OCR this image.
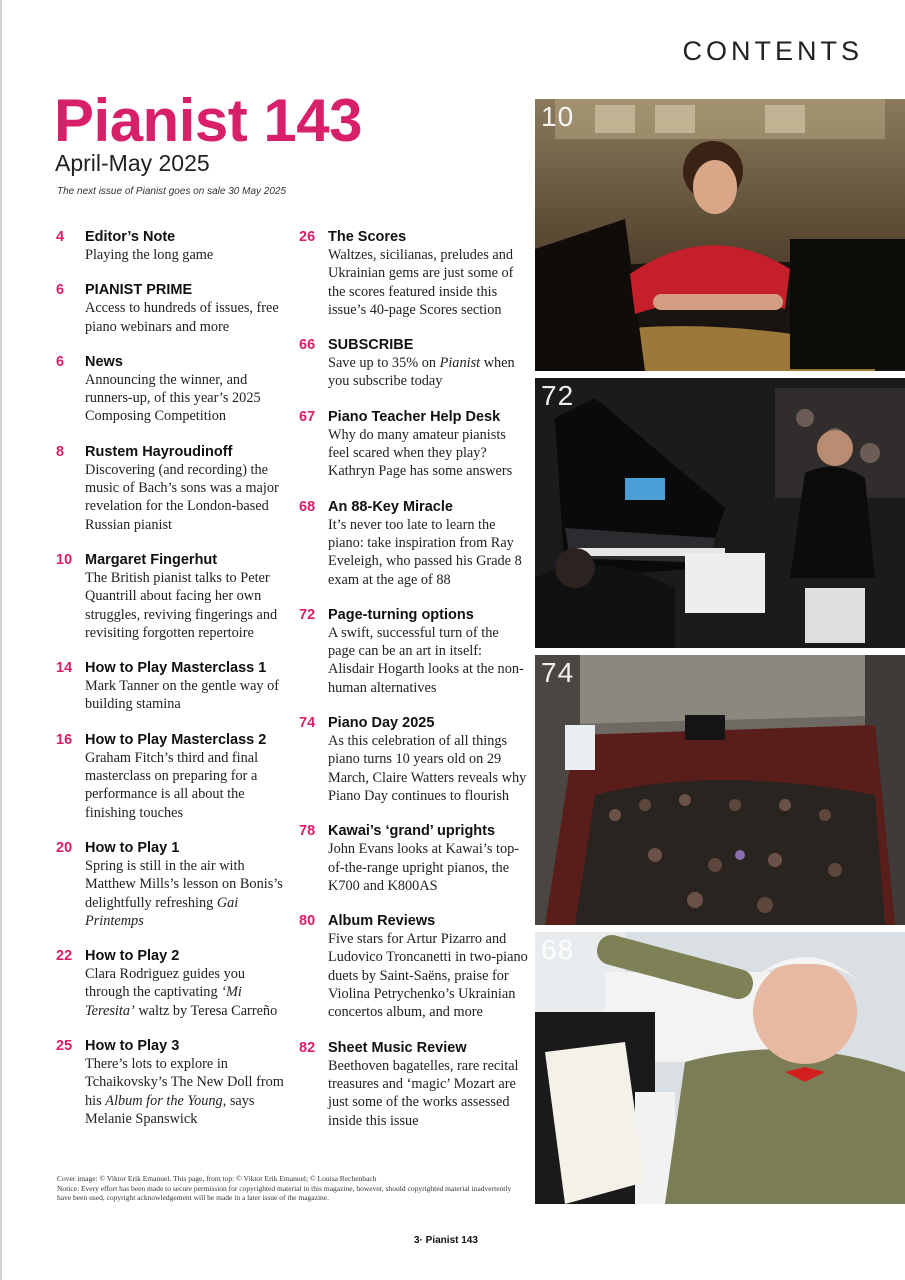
CONTENTS
Pianist 143
April-May 2025
The next issue of Pianist goes on sale 30 May 2025
4 Editor’s Note
Playing the long game
6 PIANIST PRIME
Access to hundreds of issues, free piano webinars and more
6 News
Announcing the winner, and runners-up, of this year’s 2025 Composing Competition
8 Rustem Hayroudinoff
Discovering (and recording) the music of Bach’s sons was a major revelation for the London-based Russian pianist
10 Margaret Fingerhut
The British pianist talks to Peter Quantrill about facing her own struggles, reviving fingerings and revisiting forgotten repertoire
14 How to Play Masterclass 1
Mark Tanner on the gentle way of building stamina
16 How to Play Masterclass 2
Graham Fitch’s third and final masterclass on preparing for a performance is all about the finishing touches
20 How to Play 1
Spring is still in the air with Matthew Mills’s lesson on Bonis’s delightfully refreshing Gai Printemps
22 How to Play 2
Clara Rodriguez guides you through the captivating ‘Mi Teresita’ waltz by Teresa Carreño
25 How to Play 3
There’s lots to explore in Tchaikovsky’s The New Doll from his Album for the Young, says Melanie Spanswick
26 The Scores
Waltzes, sicilianas, preludes and Ukrainian gems are just some of the scores featured inside this issue’s 40-page Scores section
66 SUBSCRIBE
Save up to 35% on Pianist when you subscribe today
67 Piano Teacher Help Desk
Why do many amateur pianists feel scared when they play? Kathryn Page has some answers
68 An 88-Key Miracle
It’s never too late to learn the piano: take inspiration from Ray Eveleigh, who passed his Grade 8 exam at the age of 88
72 Page-turning options
A swift, successful turn of the page can be an art in itself: Alisdair Hogarth looks at the non-human alternatives
74 Piano Day 2025
As this celebration of all things piano turns 10 years old on 29 March, Claire Watters reveals why Piano Day continues to flourish
78 Kawai’s ‘grand’ uprights
John Evans looks at Kawai’s top-of-the-range upright pianos, the K700 and K800AS
80 Album Reviews
Five stars for Artur Pizarro and Ludovico Troncanetti in two-piano duets by Saint-Saëns, praise for Violina Petrychenko’s Ukrainian concertos album, and more
82 Sheet Music Review
Beethoven bagatelles, rare recital treasures and ‘magic’ Mozart are just some of the works assessed inside this issue
10
72
74
68
Cover image: © Viktor Erik Emanuel. This page, from top: © Viktor Erik Emanuel; © Louisa Rechenbach
Notice: Every effort has been made to secure permission for copyrighted material in this magazine, however, should copyrighted material inadvertently have been used, copyright acknowledgement will be made in a later issue of the magazine.
3· Pianist 143
